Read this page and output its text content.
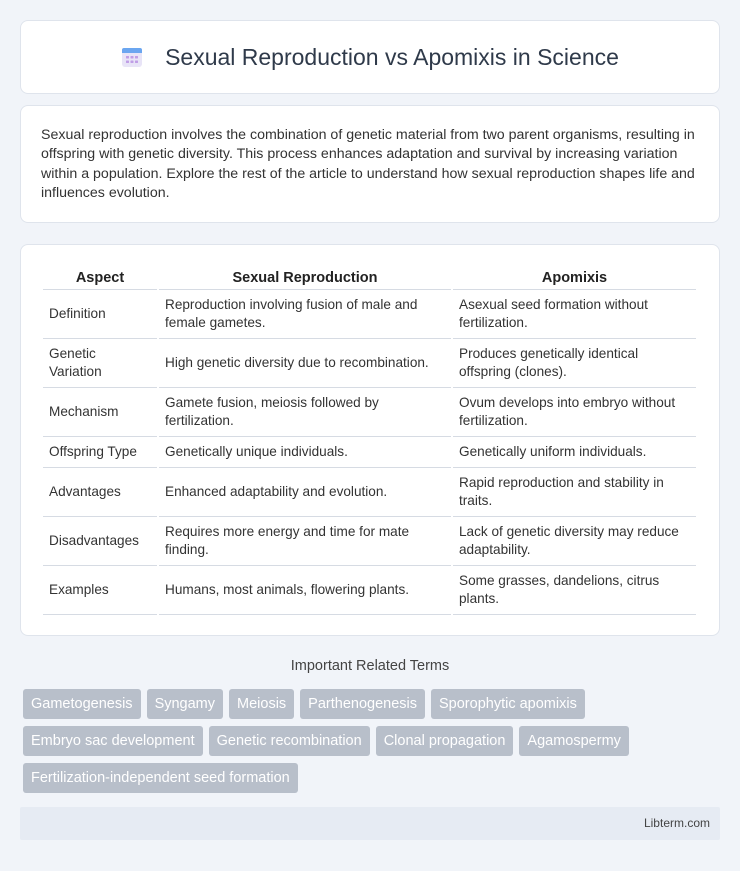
Sexual Reproduction vs Apomixis in Science

Sexual reproduction involves the combination of genetic material from two parent organisms, resulting in offspring with genetic diversity. This process enhances adaptation and survival by increasing variation within a population. Explore the rest of the article to understand how sexual reproduction shapes life and influences evolution.

Aspect	Sexual Reproduction	Apomixis
Definition	Reproduction involving fusion of male and female gametes.	Asexual seed formation without fertilization.
Genetic Variation	High genetic diversity due to recombination.	Produces genetically identical offspring (clones).
Mechanism	Gamete fusion, meiosis followed by fertilization.	Ovum develops into embryo without fertilization.
Offspring Type	Genetically unique individuals.	Genetically uniform individuals.
Advantages	Enhanced adaptability and evolution.	Rapid reproduction and stability in traits.
Disadvantages	Requires more energy and time for mate finding.	Lack of genetic diversity may reduce adaptability.
Examples	Humans, most animals, flowering plants.	Some grasses, dandelions, citrus plants.
Important Related Terms
Gametogenesis	Syngamy	Meiosis	Parthenogenesis	Sporophytic apomixis
Embryo sac development	Genetic recombination	Clonal propagation	Agamospermy
Fertilization-independent seed formation
Libterm.com
